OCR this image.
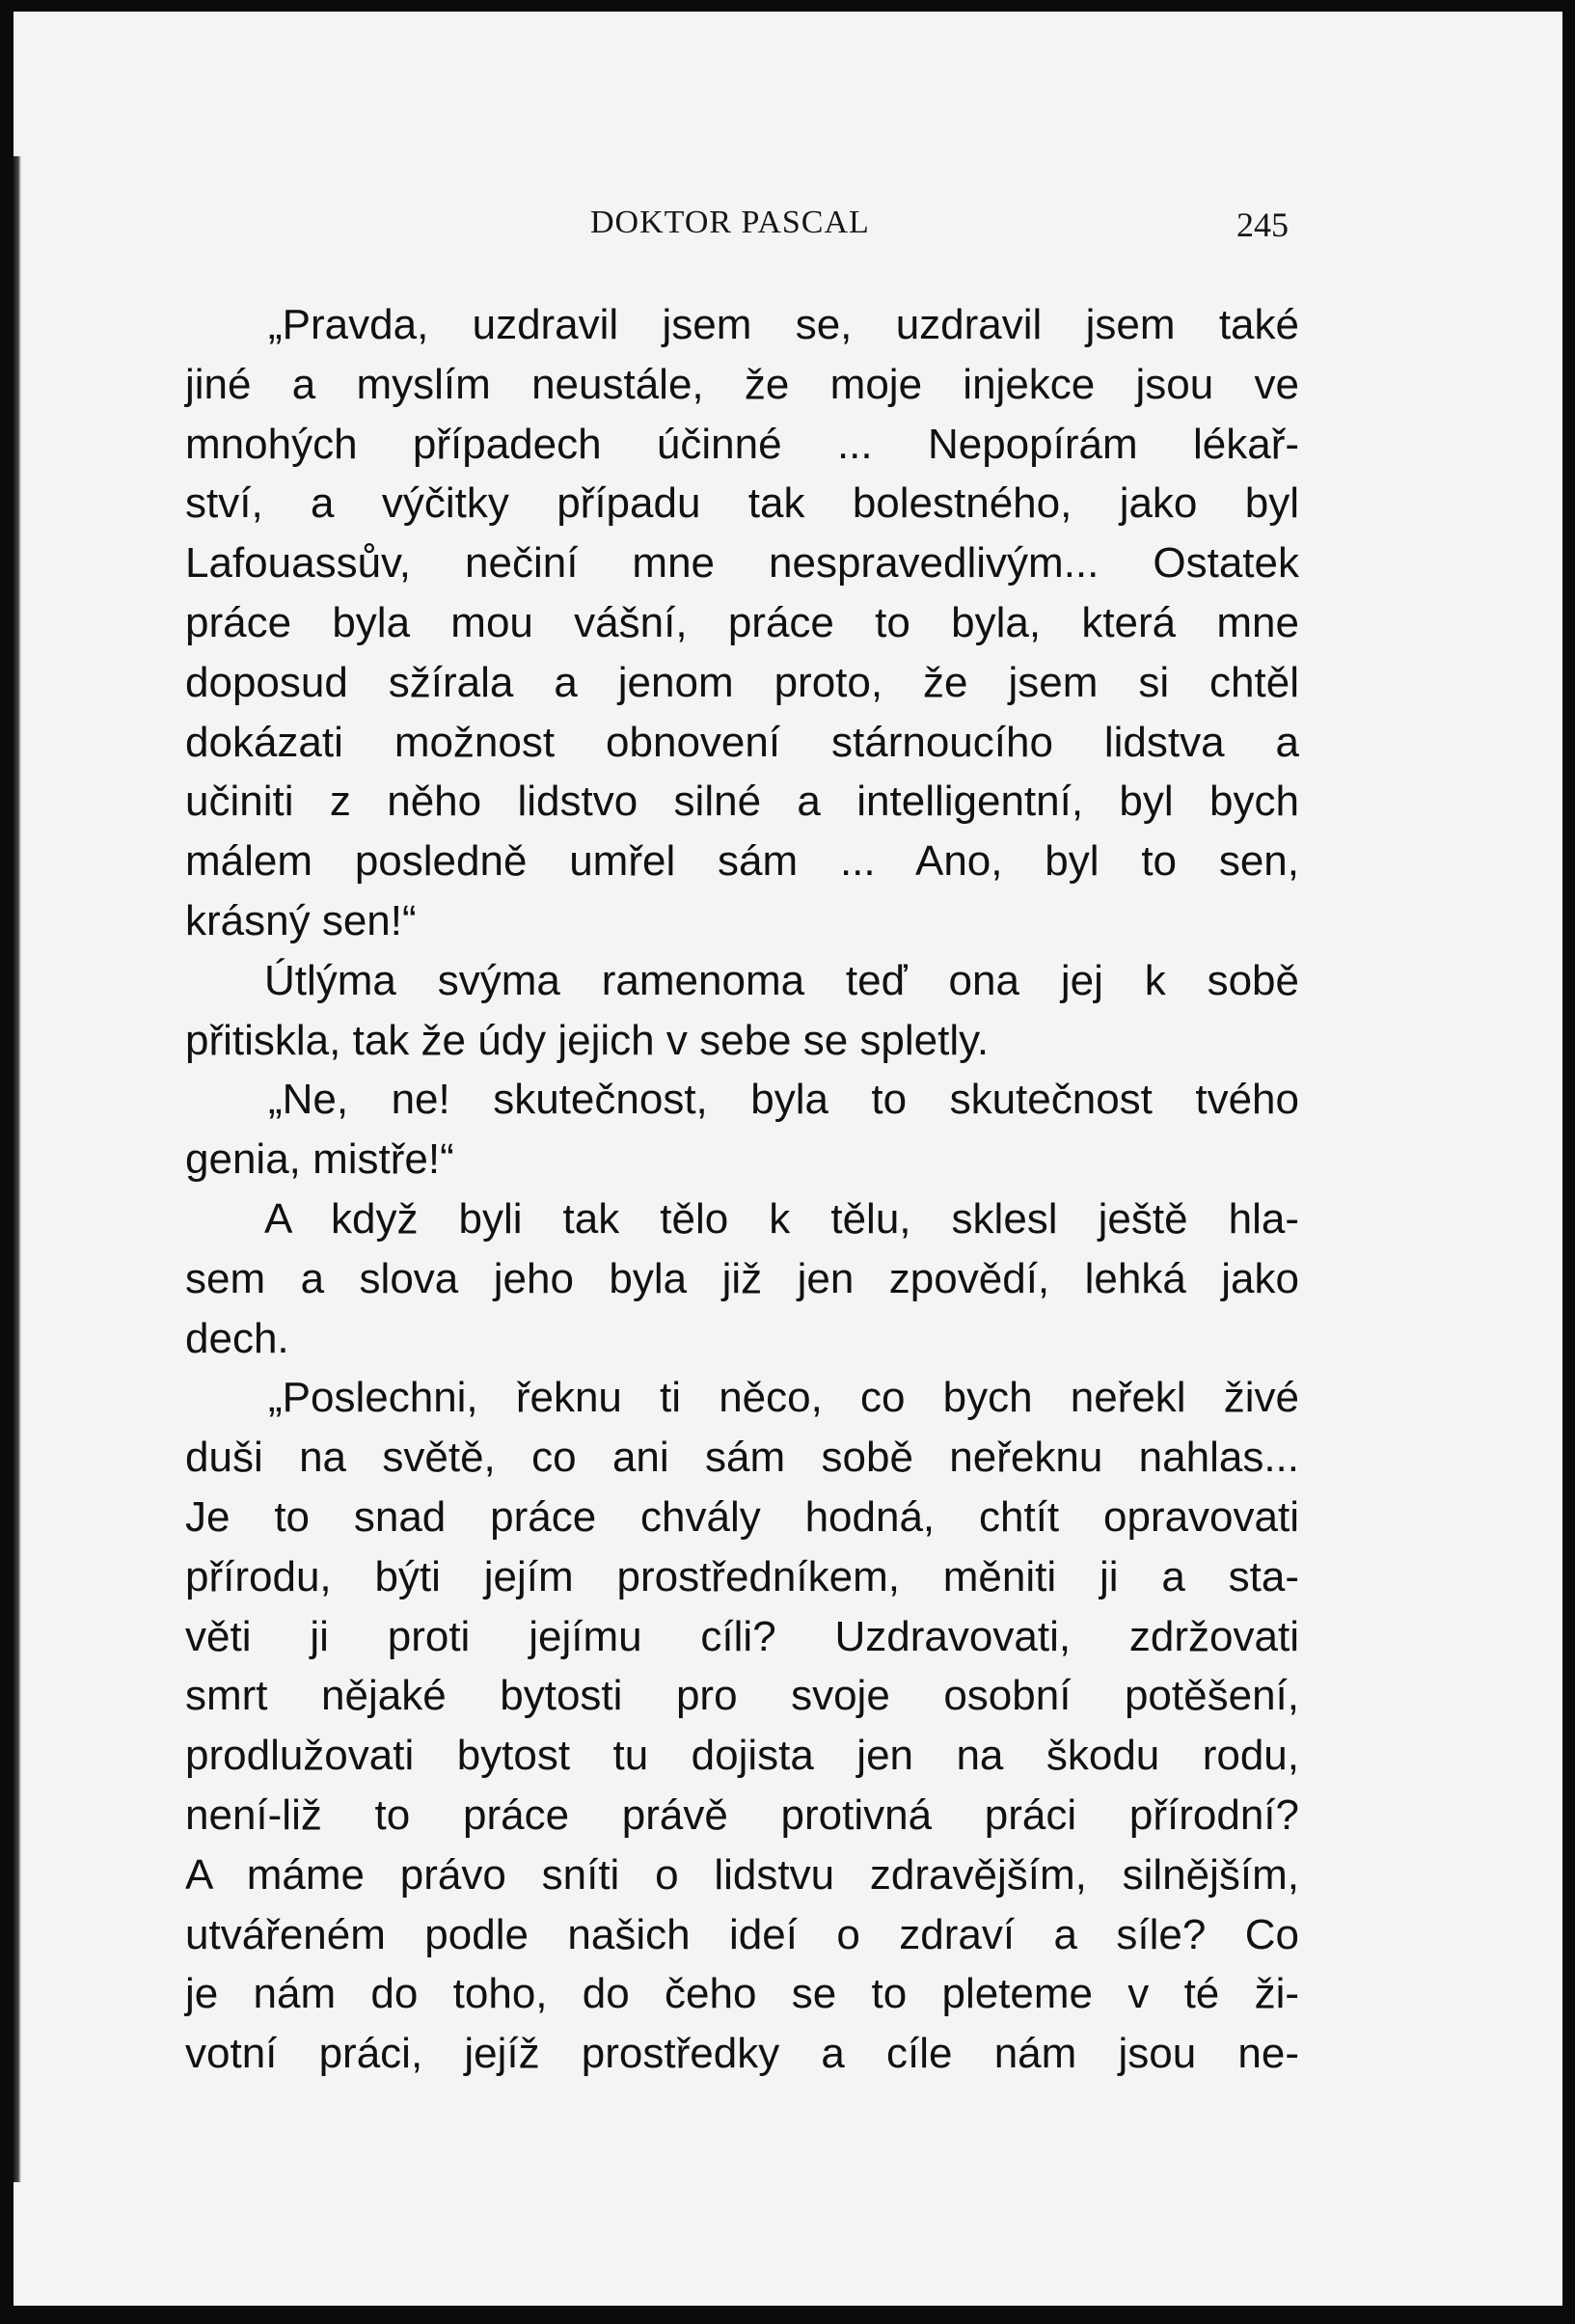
DOKTOR PASCAL	245
„Pravda, uzdravil jsem se, uzdravil jsem také
jiné a myslím neustále, že moje injekce jsou ve
mnohých případech účinné ... Nepopírám lékař-
ství, a výčitky případu tak bolestného, jako byl
Lafouassův, nečiní mne nespravedlivým... Ostatek
práce byla mou vášní, práce to byla, která mne
doposud sžírala a jenom proto, že jsem si chtěl
dokázati možnost obnovení stárnoucího lidstva a
učiniti z něho lidstvo silné a intelligentní, byl bych
málem posledně umřel sám ... Ano, byl to sen,
krásný sen!“
Útlýma svýma ramenoma teď ona jej k sobě
přitiskla, tak že údy jejich v sebe se spletly.
„Ne, ne! skutečnost, byla to skutečnost tvého
genia, mistře!“
A když byli tak tělo k tělu, sklesl ještě hla-
sem a slova jeho byla již jen zpovědí, lehká jako
dech.
„Poslechni, řeknu ti něco, co bych neřekl živé
duši na světě, co ani sám sobě neřeknu nahlas...
Je to snad práce chvály hodná, chtít opravovati
přírodu, býti jejím prostředníkem, měniti ji a sta-
věti ji proti jejímu cíli? Uzdravovati, zdržovati
smrt nějaké bytosti pro svoje osobní potěšení,
prodlužovati bytost tu dojista jen na škodu rodu,
není-liž to práce právě protivná práci přírodní?
A máme právo sníti o lidstvu zdravějším, silnějším,
utvářeném podle našich ideí o zdraví a síle? Co
je nám do toho, do čeho se to pleteme v té ži-
votní práci, jejíž prostředky a cíle nám jsou ne-
